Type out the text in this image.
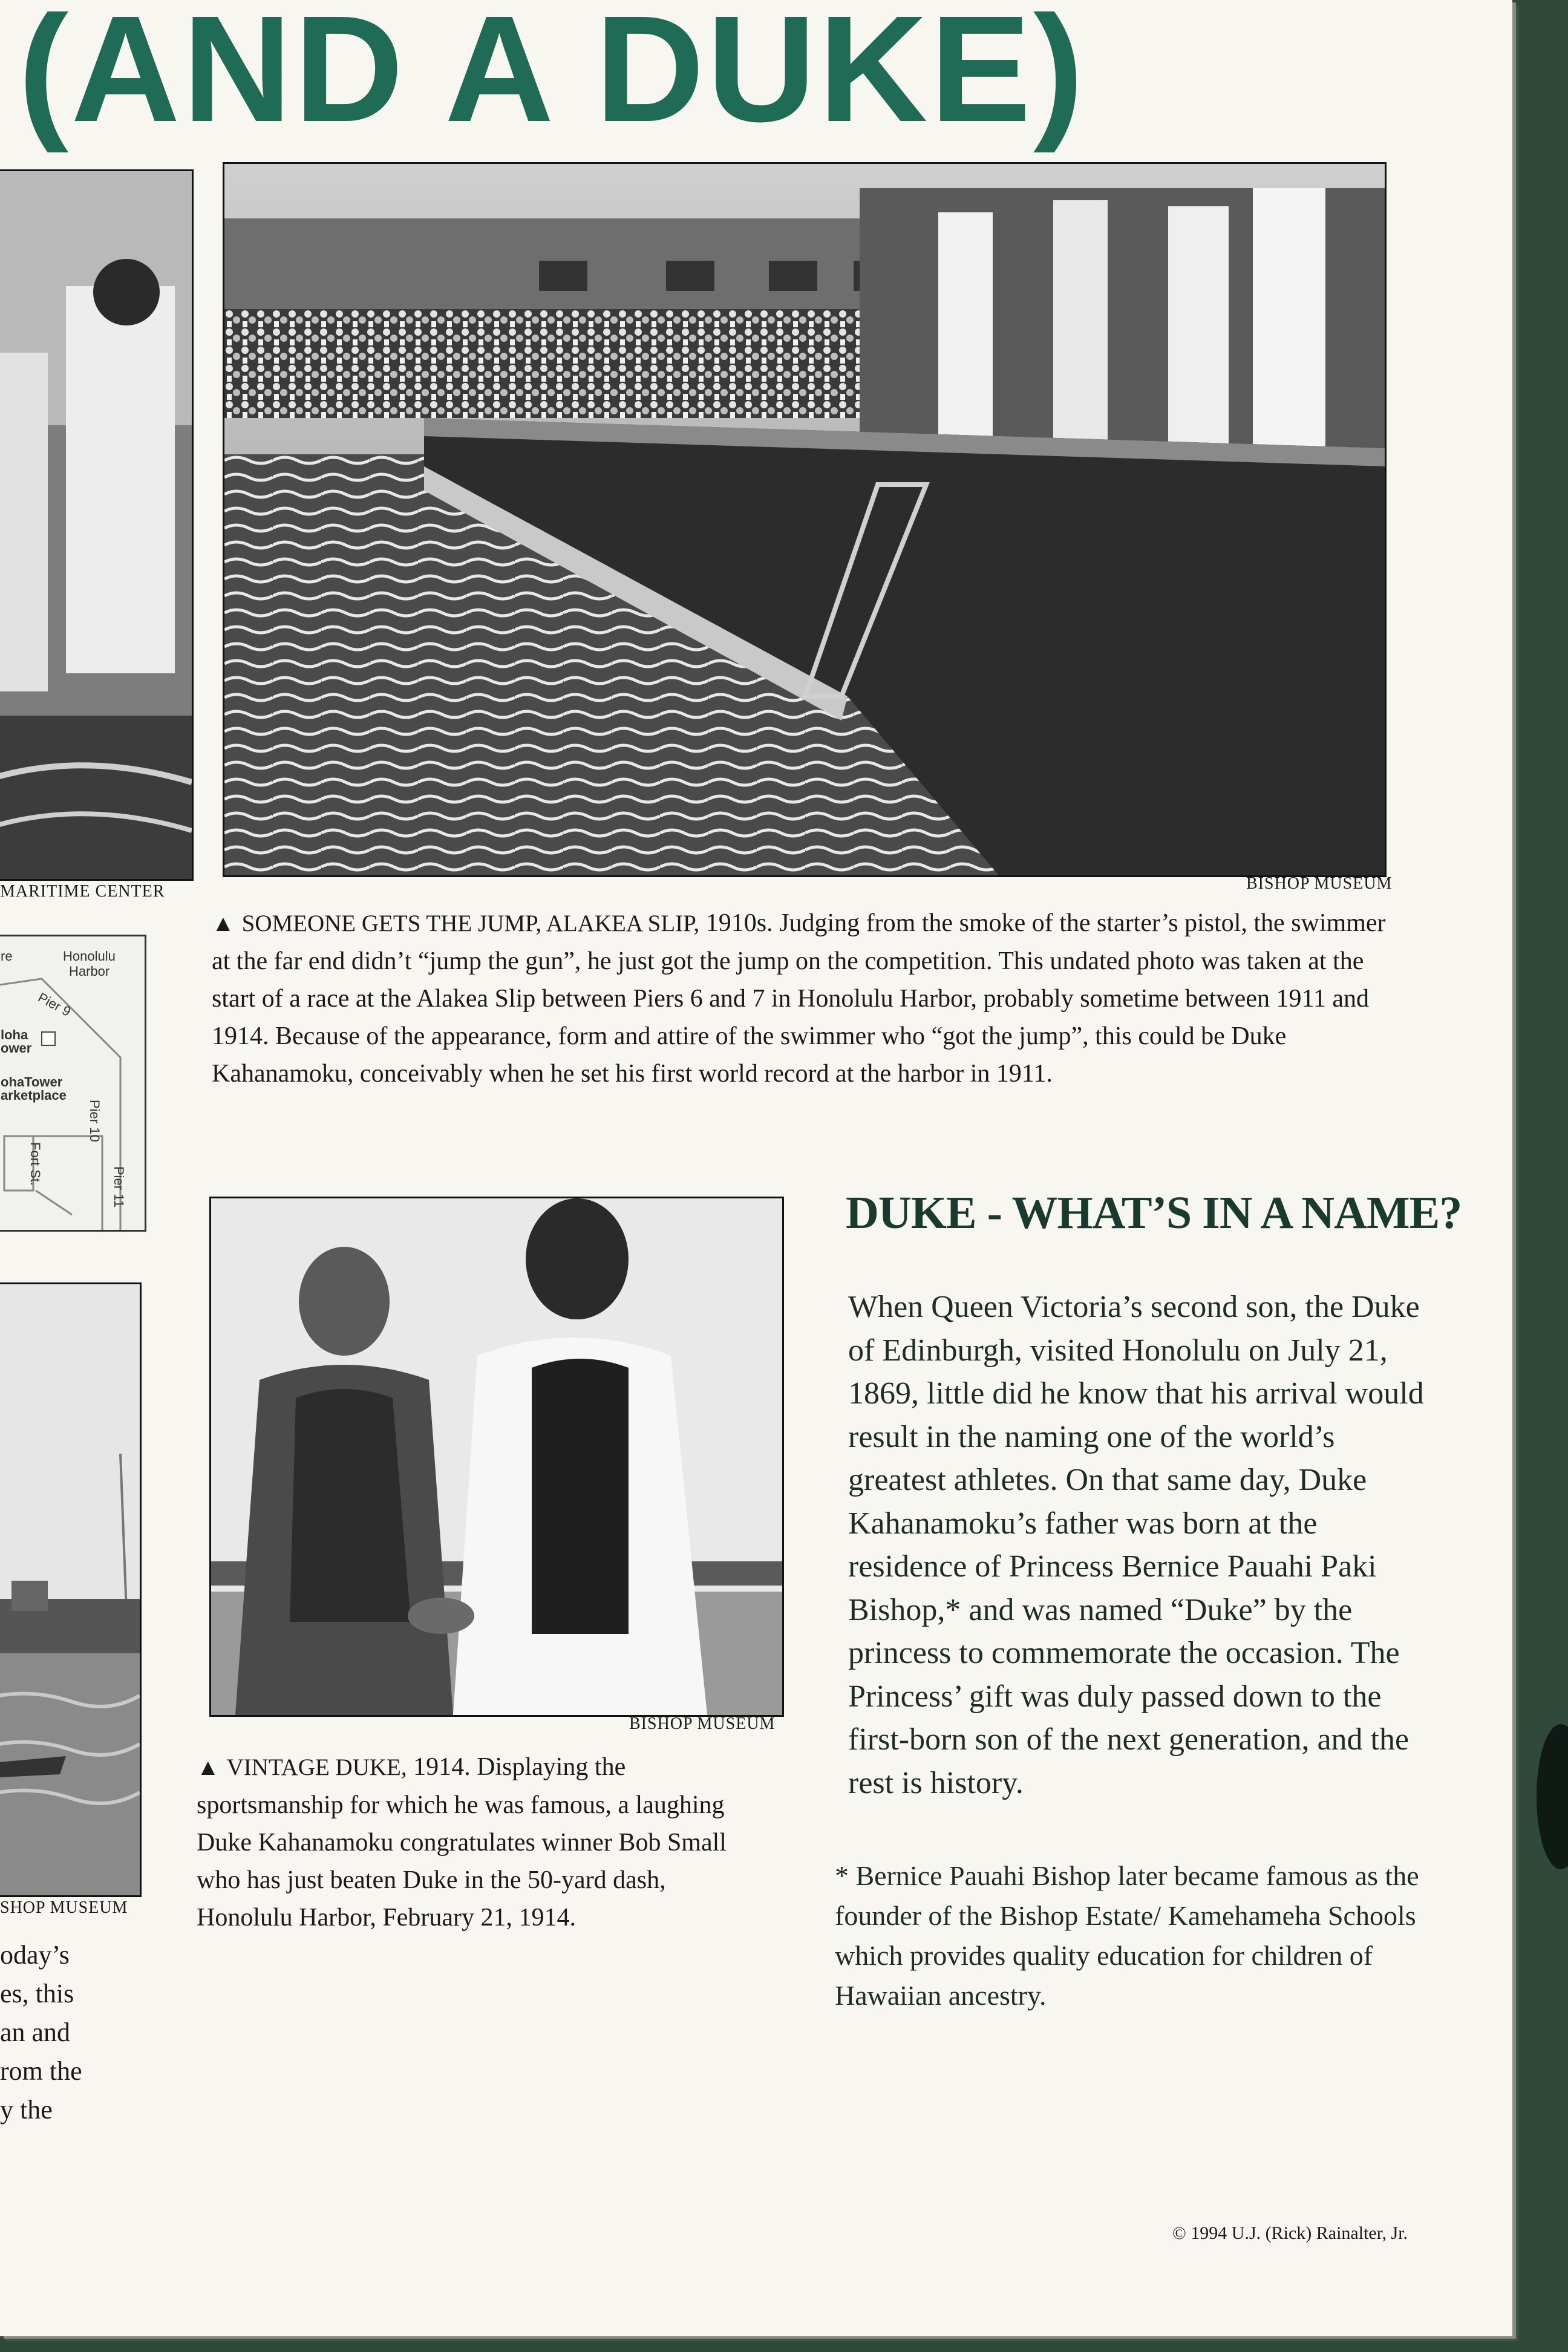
(AND A DUKE)
MARITIME CENTER
re	Honolulu
Harbor
Pier 9
loha
ower
ohaTower
arketplace
Pier 10
Fort St.
Pier 11
SHOP MUSEUM
oday’s
es, this
an and
rom the
y the
BISHOP MUSEUM
▲ SOMEONE GETS THE JUMP, ALAKEA SLIP, 1910s. Judging from the smoke of the starter’s pistol, the swimmer at the far end didn’t “jump the gun”, he just got the jump on the competition. This undated photo was taken at the start of a race at the Alakea Slip between Piers 6 and 7 in Honolulu Harbor, probably sometime between 1911 and 1914. Because of the appearance, form and attire of the swimmer who “got the jump”, this could be Duke Kahanamoku, conceivably when he set his first world record at the harbor in 1911.
BISHOP MUSEUM
▲ VINTAGE DUKE, 1914. Displaying the sportsmanship for which he was famous, a laughing Duke Kahanamoku congratulates winner Bob Small who has just beaten Duke in the 50-yard dash, Honolulu Harbor, February 21, 1914.
DUKE - WHAT’S IN A NAME?
When Queen Victoria’s second son, the Duke of Edinburgh, visited Honolulu on July 21, 1869, little did he know that his arrival would result in the naming one of the world’s greatest athletes. On that same day, Duke Kahanamoku’s father was born at the residence of Princess Bernice Pauahi Paki Bishop,* and was named “Duke” by the princess to commemorate the occasion. The Princess’ gift was duly passed down to the first-born son of the next generation, and the rest is history.
* Bernice Pauahi Bishop later became famous as the founder of the Bishop Estate/ Kamehameha Schools which provides quality education for children of Hawaiian ancestry.
© 1994 U.J. (Rick) Rainalter, Jr.
